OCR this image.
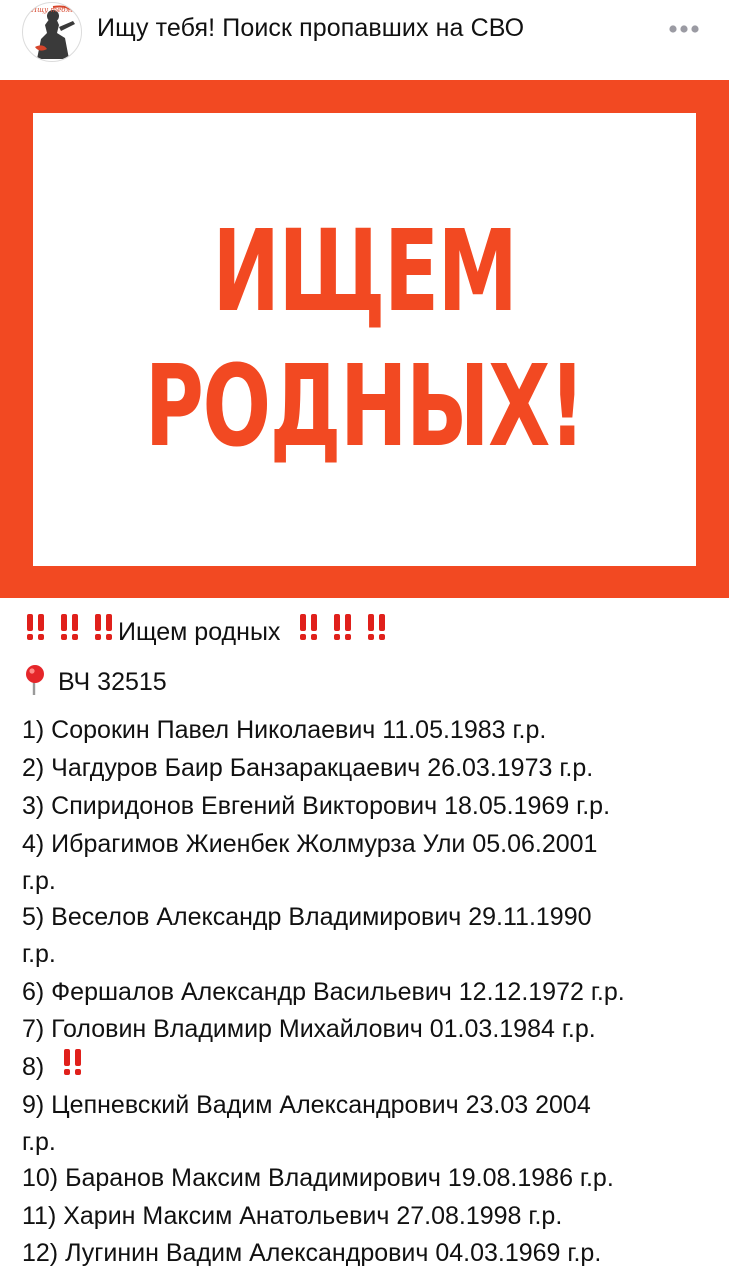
Ищу тебя!
Ищу тебя! Поиск пропавших на СВО
ИЩЕМ
РОДНЫХ!
Ищем родных
ВЧ 32515
1) Сорокин Павел Николаевич 11.05.1983 г.р.
2) Чагдуров Баир Банзаракцаевич 26.03.1973 г.р.
3) Спиридонов Евгений Викторович 18.05.1969 г.р.
4) Ибрагимов Жиенбек Жолмурза Ули 05.06.2001
г.р.
5) Веселов Александр Владимирович 29.11.1990
г.р.
6) Фершалов Александр Васильевич 12.12.1972 г.р.
7) Головин Владимир Михайлович 01.03.1984 г.р.
8)
9) Цепневский Вадим Александрович 23.03 2004
г.р.
10) Баранов Максим Владимирович 19.08.1986 г.р.
11) Харин Максим Анатольевич 27.08.1998 г.р.
12) Лугинин Вадим Александрович 04.03.1969 г.р.
